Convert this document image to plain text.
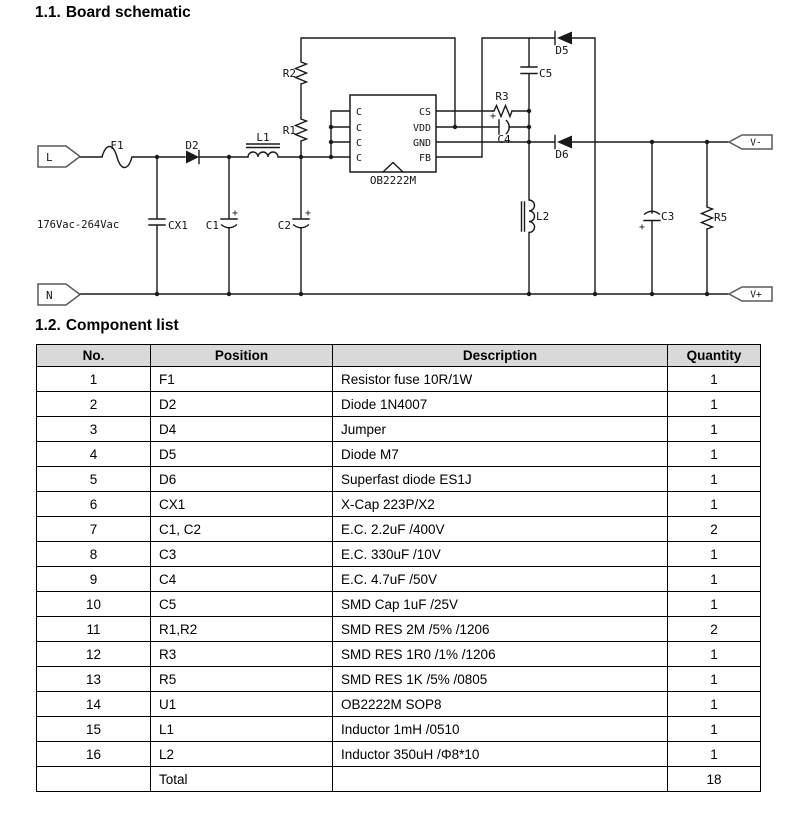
C
C
C
C
CS
VDD
GND
FB
OB2222M
L
N
V-
V+
F1	D2
L1
R2
R1
CX1 C1	C2
+	+
+
+
R3
C4
C5
D5
D6
L2	C3	R5
176Vac-264Vac
1.1. Board schematic
1.2. Component list
No.	Position	Description	Quantity
1	F1	Resistor fuse 10R/1W	1
2	D2	Diode 1N4007	1
3	D4	Jumper	1
4	D5	Diode M7	1
5	D6	Superfast diode ES1J	1
6	CX1	X-Cap 223P/X2	1
7	C1, C2	E.C. 2.2uF /400V	2
8	C3	E.C. 330uF /10V	1
9	C4	E.C. 4.7uF /50V	1
10	C5	SMD Cap 1uF /25V	1
11	R1,R2	SMD RES 2M /5% /1206	2
12	R3	SMD RES 1R0 /1% /1206	1
13	R5	SMD RES 1K /5% /0805	1
14	U1	OB2222M SOP8	1
15	L1	Inductor 1mH /0510	1
16	L2	Inductor 350uH /Φ8*10	1
	Total		18
